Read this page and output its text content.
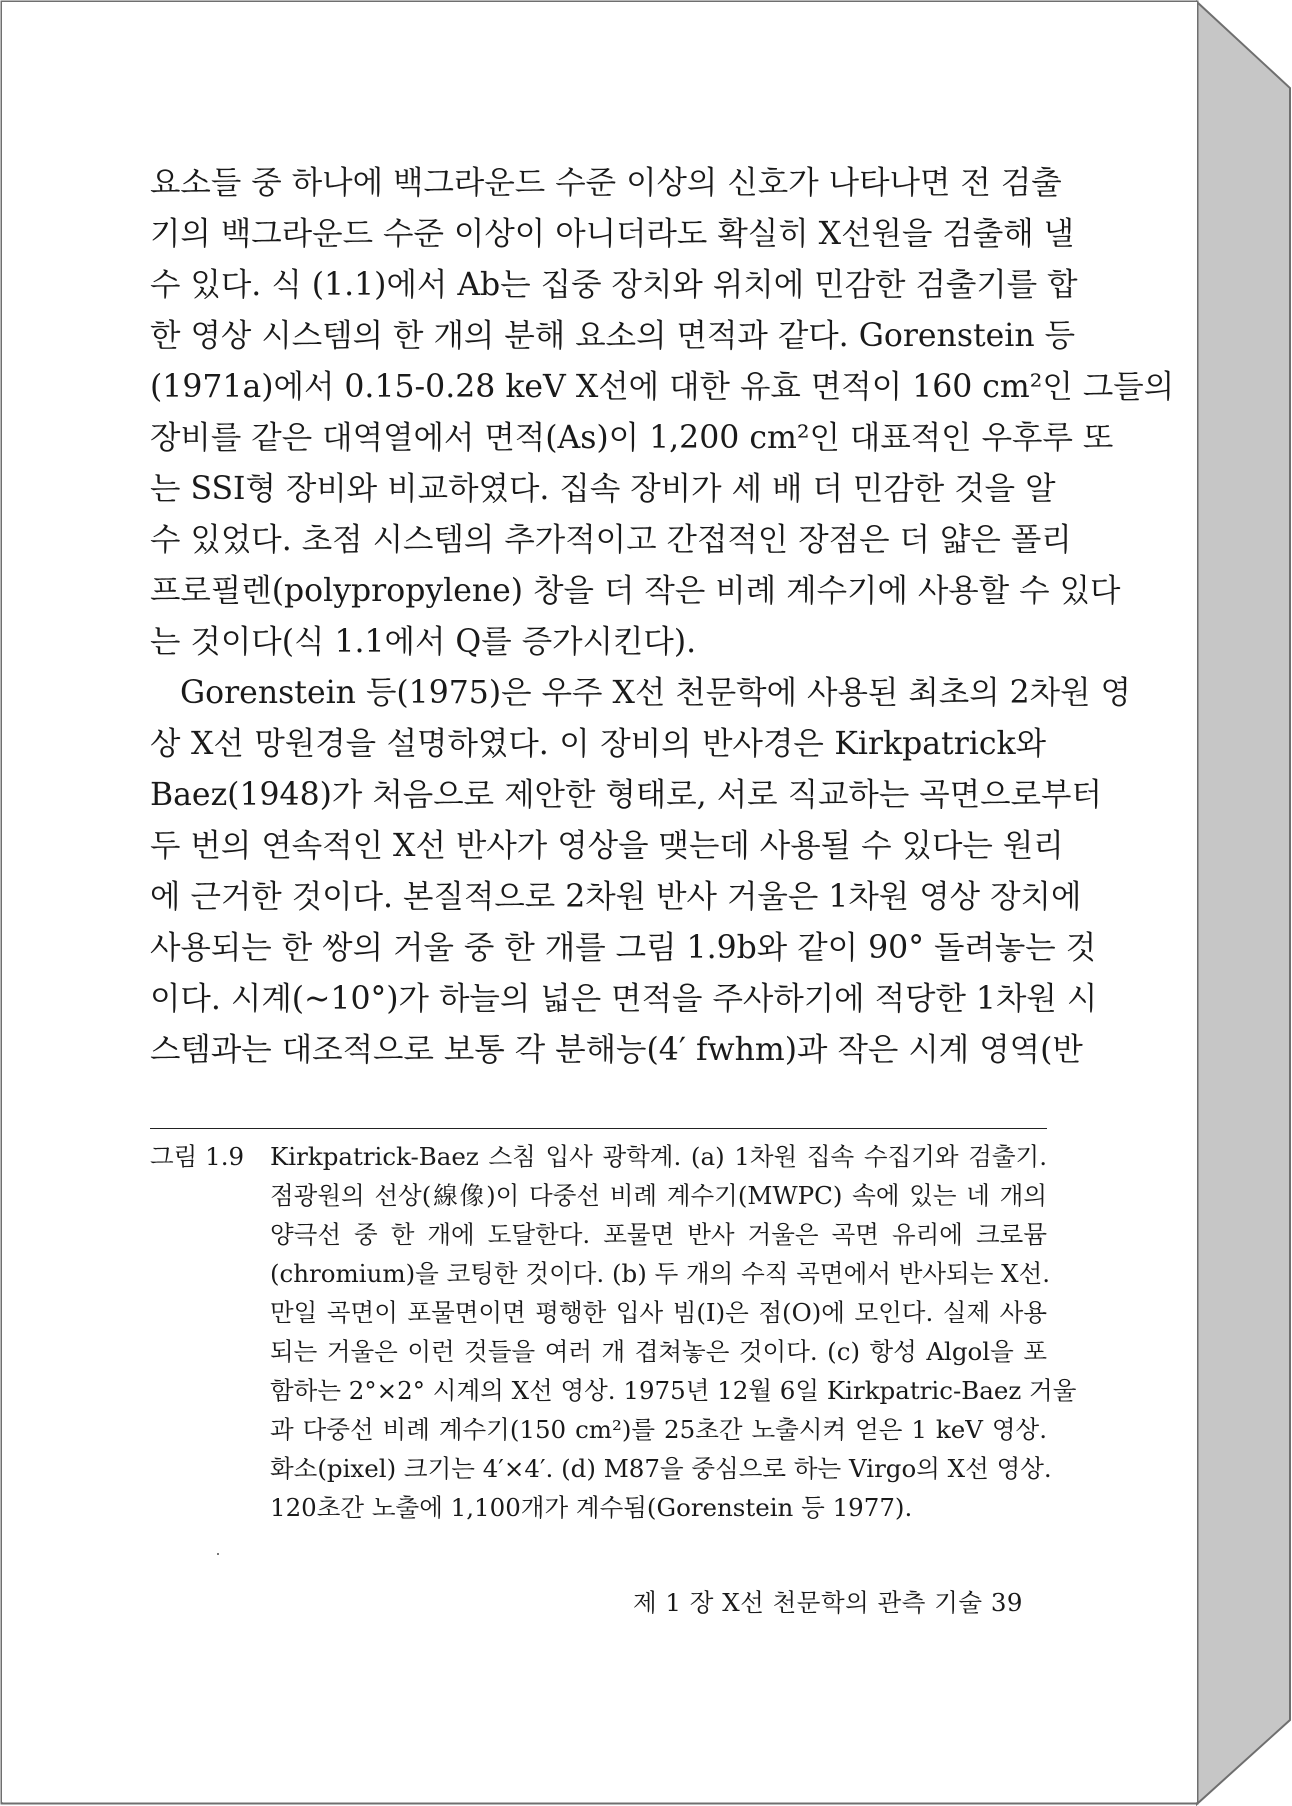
요소들 중 하나에 백그라운드 수준 이상의 신호가 나타나면 전 검출
기의 백그라운드 수준 이상이 아니더라도 확실히 X선원을 검출해 낼
수 있다. 식 (1.1)에서 Ab는 집중 장치와 위치에 민감한 검출기를 합
한 영상 시스템의 한 개의 분해 요소의 면적과 같다. Gorenstein 등
(1971a)에서 0.15-0.28 keV X선에 대한 유효 면적이 160 cm²인 그들의
장비를 같은 대역열에서 면적(As)이 1,200 cm²인 대표적인 우후루 또
는 SSI형 장비와 비교하였다. 집속 장비가 세 배 더 민감한 것을 알
수 있었다. 초점 시스템의 추가적이고 간접적인 장점은 더 얇은 폴리
프로필렌(polypropylene) 창을 더 작은 비례 계수기에 사용할 수 있다
는 것이다(식 1.1에서 Q를 증가시킨다).
Gorenstein 등(1975)은 우주 X선 천문학에 사용된 최초의 2차원 영
상 X선 망원경을 설명하였다. 이 장비의 반사경은 Kirkpatrick와
Baez(1948)가 처음으로 제안한 형태로, 서로 직교하는 곡면으로부터
두 번의 연속적인 X선 반사가 영상을 맺는데 사용될 수 있다는 원리
에 근거한 것이다. 본질적으로 2차원 반사 거울은 1차원 영상 장치에
사용되는 한 쌍의 거울 중 한 개를 그림 1.9b와 같이 90° 돌려놓는 것
이다. 시계(~10°)가 하늘의 넓은 면적을 주사하기에 적당한 1차원 시
스템과는 대조적으로 보통 각 분해능(4′ fwhm)과 작은 시계 영역(반
그림 1.9	Kirkpatrick-Baez 스침 입사 광학계. (a) 1차원 집속 수집기와 검출기.
점광원의 선상(線像)이 다중선 비례 계수기(MWPC) 속에 있는 네 개의
양극선 중 한 개에 도달한다. 포물면 반사 거울은 곡면 유리에 크로뮴
(chromium)을 코팅한 것이다. (b) 두 개의 수직 곡면에서 반사되는 X선.
만일 곡면이 포물면이면 평행한 입사 빔(I)은 점(O)에 모인다. 실제 사용
되는 거울은 이런 것들을 여러 개 겹쳐놓은 것이다. (c) 항성 Algol을 포
함하는 2°×2° 시계의 X선 영상. 1975년 12월 6일 Kirkpatric-Baez 거울
과 다중선 비례 계수기(150 cm²)를 25초간 노출시켜 얻은 1 keV 영상.
화소(pixel) 크기는 4′×4′. (d) M87을 중심으로 하는 Virgo의 X선 영상.
120초간 노출에 1,100개가 계수됨(Gorenstein 등 1977).
제 1 장 X선 천문학의 관측 기술 39
